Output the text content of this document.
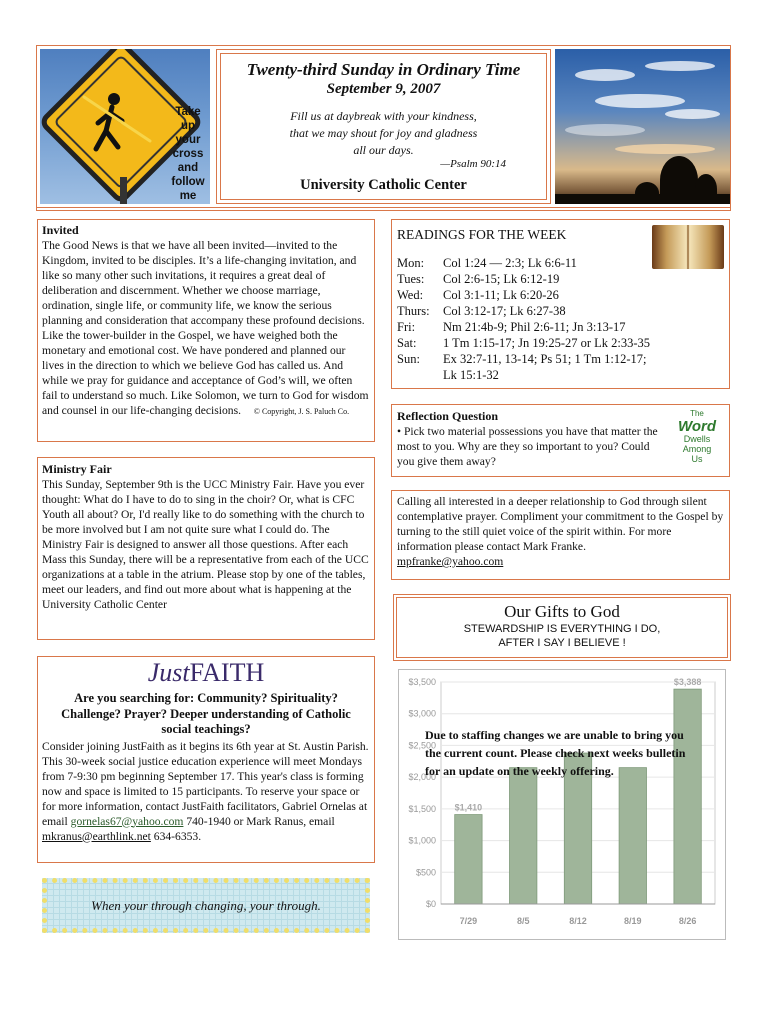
Take
up
your
cross
and
follow
me
Twenty-third Sunday in Ordinary Time
September 9, 2007
Fill us at daybreak with your kindness,
that we may shout for joy and gladness
all our days.
—Psalm 90:14
University Catholic Center
Invited
The Good News is that we have all been invited—invited to the Kingdom, invited to be disciples. It’s a life-changing invitation, and like so many other such invitations, it requires a great deal of deliberation and discernment. Whether we choose marriage, ordination, single life, or community life, we know the serious planning and consideration that accompany these profound decisions. Like the tower-builder in the Gospel, we have weighed both the monetary and emotional cost. We have pondered and planned our lives in the direction to which we believe God has called us. And while we pray for guidance and acceptance of God’s will, we often fail to understand so much. Like Solomon, we turn to God for wisdom and counsel in our life-changing decisions. © Copyright, J. S. Paluch Co.
Ministry Fair
This Sunday, September 9th is the UCC Ministry Fair. Have you ever thought: What do I have to do to sing in the choir? Or, what is CFC Youth all about? Or, I'd really like to do something with the church to be more involved but I am not quite sure what I could do. The Ministry Fair is designed to answer all those questions. After each Mass this Sunday, there will be a representative from each of the UCC organizations at a table in the atrium. Please stop by one of the tables, meet our leaders, and find out more about what is happening at the University Catholic Center
JustFAITH
Are you searching for: Community? Spirituality? Challenge? Prayer? Deeper understanding of Catholic social teachings?
Consider joining JustFaith as it begins its 6th year at St. Austin Parish. This 30-week social justice education experience will meet Mondays from 7-9:30 pm beginning September 17. This year's class is forming now and space is limited to 15 participants. To reserve your space or for more information, contact JustFaith facilitators, Gabriel Ornelas at email gornelas67@yahoo.com 740-1940 or Mark Ranus, email mkranus@earthlink.net 634-6353.
When your through changing, your through.
READINGS FOR THE WEEK
Mon:	Col 1:24 — 2:3; Lk 6:6-11
Tues:	Col 2:6-15; Lk 6:12-19
Wed:	Col 3:1-11; Lk 6:20-26
Thurs:	Col 3:12-17; Lk 6:27-38
Fri:	Nm 21:4b-9; Phil 2:6-11; Jn 3:13-17
Sat:	1 Tm 1:15-17; Jn 19:25-27 or Lk 2:33-35
Sun:	Ex 32:7-11, 13-14; Ps 51; 1 Tm 1:12-17;
Lk 15:1-32
Reflection Question
• Pick two material possessions you have that matter the most to you. Why are they so important to you? Could you give them away?
The
Word
Dwells
Among
Us
Calling all interested in a deeper relationship to God through silent contemplative prayer. Compliment your commitment to the Gospel by turning to the still quiet voice of the spirit within. For more information please contact Mark Franke.
mpfranke@yahoo.com
Our Gifts to God
STEWARDSHIP IS EVERYTHING I DO,
AFTER I SAY I BELIEVE !
$0
$500
$1,000
$1,500
$2,000
$2,500
$3,000
$3,500
7/29
$1,410
8/5	8/12	8/19	8/26
$3,388
Due to staffing changes we are unable to bring you the current count. Please check next weeks bulletin for an update on the weekly offering.
